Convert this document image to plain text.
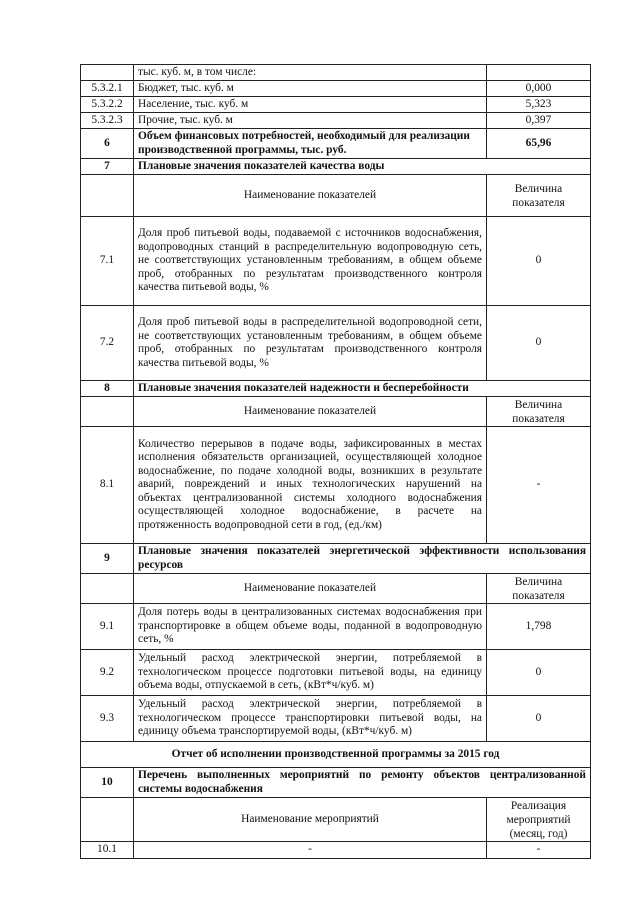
	тыс. куб. м, в том числе:	
5.3.2.1	Бюджет, тыс. куб. м	0,000
5.3.2.2	Население, тыс. куб. м	5,323
5.3.2.3	Прочие, тыс. куб. м	0,397
6	Объем финансовых потребностей, необходимый для реализации производственной программы, тыс. руб.	65,96
7	Плановые значения показателей качества воды	
	Наименование показателей	Величина показателя
7.1	Доля проб питьевой воды, подаваемой с источников водоснабжения, водопроводных станций в распределительную водопроводную сеть, не соответствующих установленным требованиям, в общем объеме проб, отобранных по результатам производственного контроля качества питьевой воды, %	0
7.2	Доля проб питьевой воды в распределительной водопроводной сети, не соответствующих установленным требованиям, в общем объеме проб, отобранных по результатам производственного контроля качества питьевой воды, %	0
8	Плановые значения показателей надежности и бесперебойности	
	Наименование показателей	Величина показателя
8.1	Количество перерывов в подаче воды, зафиксированных в местах исполнения обязательств организацией, осуществляющей холодное водоснабжение, по подаче холодной воды, возникших в результате аварий, повреждений и иных технологических нарушений на объектах централизованной системы холодного водоснабжения осуществляющей холодное водоснабжение, в расчете на протяженность водопроводной сети в год, (ед./км)	-
9	Плановые значения показателей энергетической эффективности использования ресурсов	
	Наименование показателей	Величина показателя
9.1	Доля потерь воды в централизованных системах водоснабжения при транспортировке в общем объеме воды, поданной в водопроводную сеть, %	1,798
9.2	Удельный расход электрической энергии, потребляемой в технологическом процессе подготовки питьевой воды, на единицу объема воды, отпускаемой в сеть, (кВт*ч/куб. м)	0
9.3	Удельный расход электрической энергии, потребляемой в технологическом процессе транспортировки питьевой воды, на единицу объема транспортируемой воды, (кВт*ч/куб. м)	0
Отчет об исполнении производственной программы за 2015 год		
10	Перечень выполненных мероприятий по ремонту объектов централизованной системы водоснабжения	
	Наименование мероприятий	Реализация мероприятий (месяц, год)
10.1	-	-
